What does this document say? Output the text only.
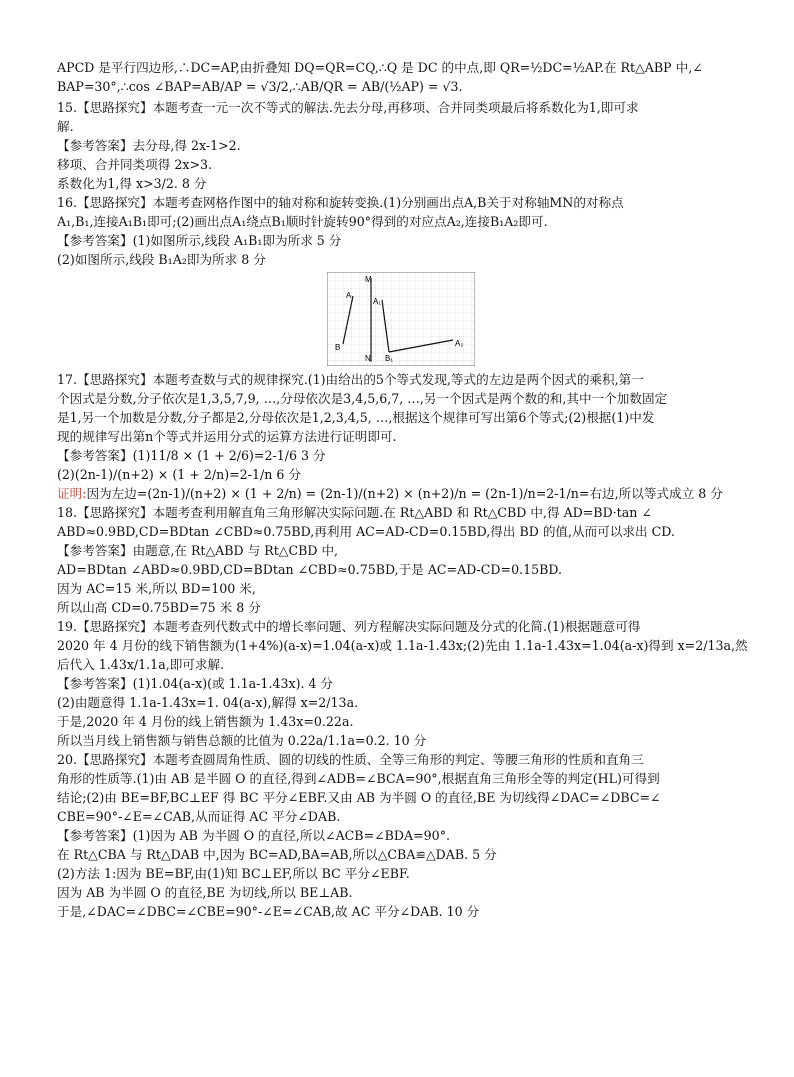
APCD 是平行四边形,∴DC=AP,由折叠知 DQ=QR=CQ,∴Q 是 DC 的中点,即 QR=½DC=½AP.在 Rt△ABP 中,∠
BAP=30°,∴cos ∠BAP=AB/AP = √3/2,∴AB/QR = AB/(½AP) = √3.
15.【思路探究】本题考查一元一次不等式的解法.先去分母,再移项、合并同类项最后将系数化为1,即可求
解.
【参考答案】去分母,得 2x-1>2.
移项、合并同类项得 2x>3.
系数化为1,得 x>3/2. 8 分
16.【思路探究】本题考查网格作图中的轴对称和旋转变换.(1)分别画出点A,B关于对称轴MN的对称点
A₁,B₁,连接A₁B₁即可;(2)画出点A₁绕点B₁顺时针旋转90°得到的对应点A₂,连接B₁A₂即可.
【参考答案】(1)如图所示,线段 A₁B₁即为所求 5 分
(2)如图所示,线段 B₁A₂即为所求 8 分
M
N
A
B
A₁
B₁
A₂
17.【思路探究】本题考查数与式的规律探究.(1)由给出的5个等式发现,等式的左边是两个因式的乘积,第一
个因式是分数,分子依次是1,3,5,7,9, …,分母依次是3,4,5,6,7, …,另一个因式是两个数的和,其中一个加数固定
是1,另一个加数是分数,分子都是2,分母依次是1,2,3,4,5, …,根据这个规律可写出第6个等式;(2)根据(1)中发
现的规律写出第n个等式并运用分式的运算方法进行证明即可.
【参考答案】(1)11/8 × (1 + 2/6)=2-1/6 3 分
(2)(2n-1)/(n+2) × (1 + 2/n)=2-1/n 6 分
证明:因为左边=(2n-1)/(n+2) × (1 + 2/n) = (2n-1)/(n+2) × (n+2)/n = (2n-1)/n=2-1/n=右边,所以等式成立 8 分
18.【思路探究】本题考查利用解直角三角形解决实际问题.在 Rt△ABD 和 Rt△CBD 中,得 AD=BD·tan ∠
ABD≈0.9BD,CD=BDtan ∠CBD≈0.75BD,再利用 AC=AD-CD=0.15BD,得出 BD 的值,从而可以求出 CD.
【参考答案】由题意,在 Rt△ABD 与 Rt△CBD 中,
AD=BDtan ∠ABD≈0.9BD,CD=BDtan ∠CBD≈0.75BD,于是 AC=AD-CD=0.15BD.
因为 AC=15 米,所以 BD=100 米,
所以山高 CD=0.75BD=75 米 8 分
19.【思路探究】本题考查列代数式中的增长率问题、列方程解决实际问题及分式的化简.(1)根据题意可得
2020 年 4 月份的线下销售额为(1+4%)(a-x)=1.04(a-x)或 1.1a-1.43x;(2)先由 1.1a-1.43x=1.04(a-x)得到 x=2/13a,然
后代入 1.43x/1.1a,即可求解.
【参考答案】(1)1.04(a-x)(或 1.1a-1.43x). 4 分
(2)由题意得 1.1a-1.43x=1. 04(a-x),解得 x=2/13a.
于是,2020 年 4 月份的线上销售额为 1.43x=0.22a.
所以当月线上销售额与销售总额的比值为 0.22a/1.1a=0.2. 10 分
20.【思路探究】本题考查圆周角性质、圆的切线的性质、全等三角形的判定、等腰三角形的性质和直角三
角形的性质等.(1)由 AB 是半圆 O 的直径,得到∠ADB=∠BCA=90°,根据直角三角形全等的判定(HL)可得到
结论;(2)由 BE=BF,BC⊥EF 得 BC 平分∠EBF.又由 AB 为半圆 O 的直径,BE 为切线得∠DAC=∠DBC=∠
CBE=90°-∠E=∠CAB,从而证得 AC 平分∠DAB.
【参考答案】(1)因为 AB 为半圆 O 的直径,所以∠ACB=∠BDA=90°.
在 Rt△CBA 与 Rt△DAB 中,因为 BC=AD,BA=AB,所以△CBA≌△DAB. 5 分
(2)方法 1:因为 BE=BF,由(1)知 BC⊥EF,所以 BC 平分∠EBF.
因为 AB 为半圆 O 的直径,BE 为切线,所以 BE⊥AB.
于是,∠DAC=∠DBC=∠CBE=90°-∠E=∠CAB,故 AC 平分∠DAB. 10 分
